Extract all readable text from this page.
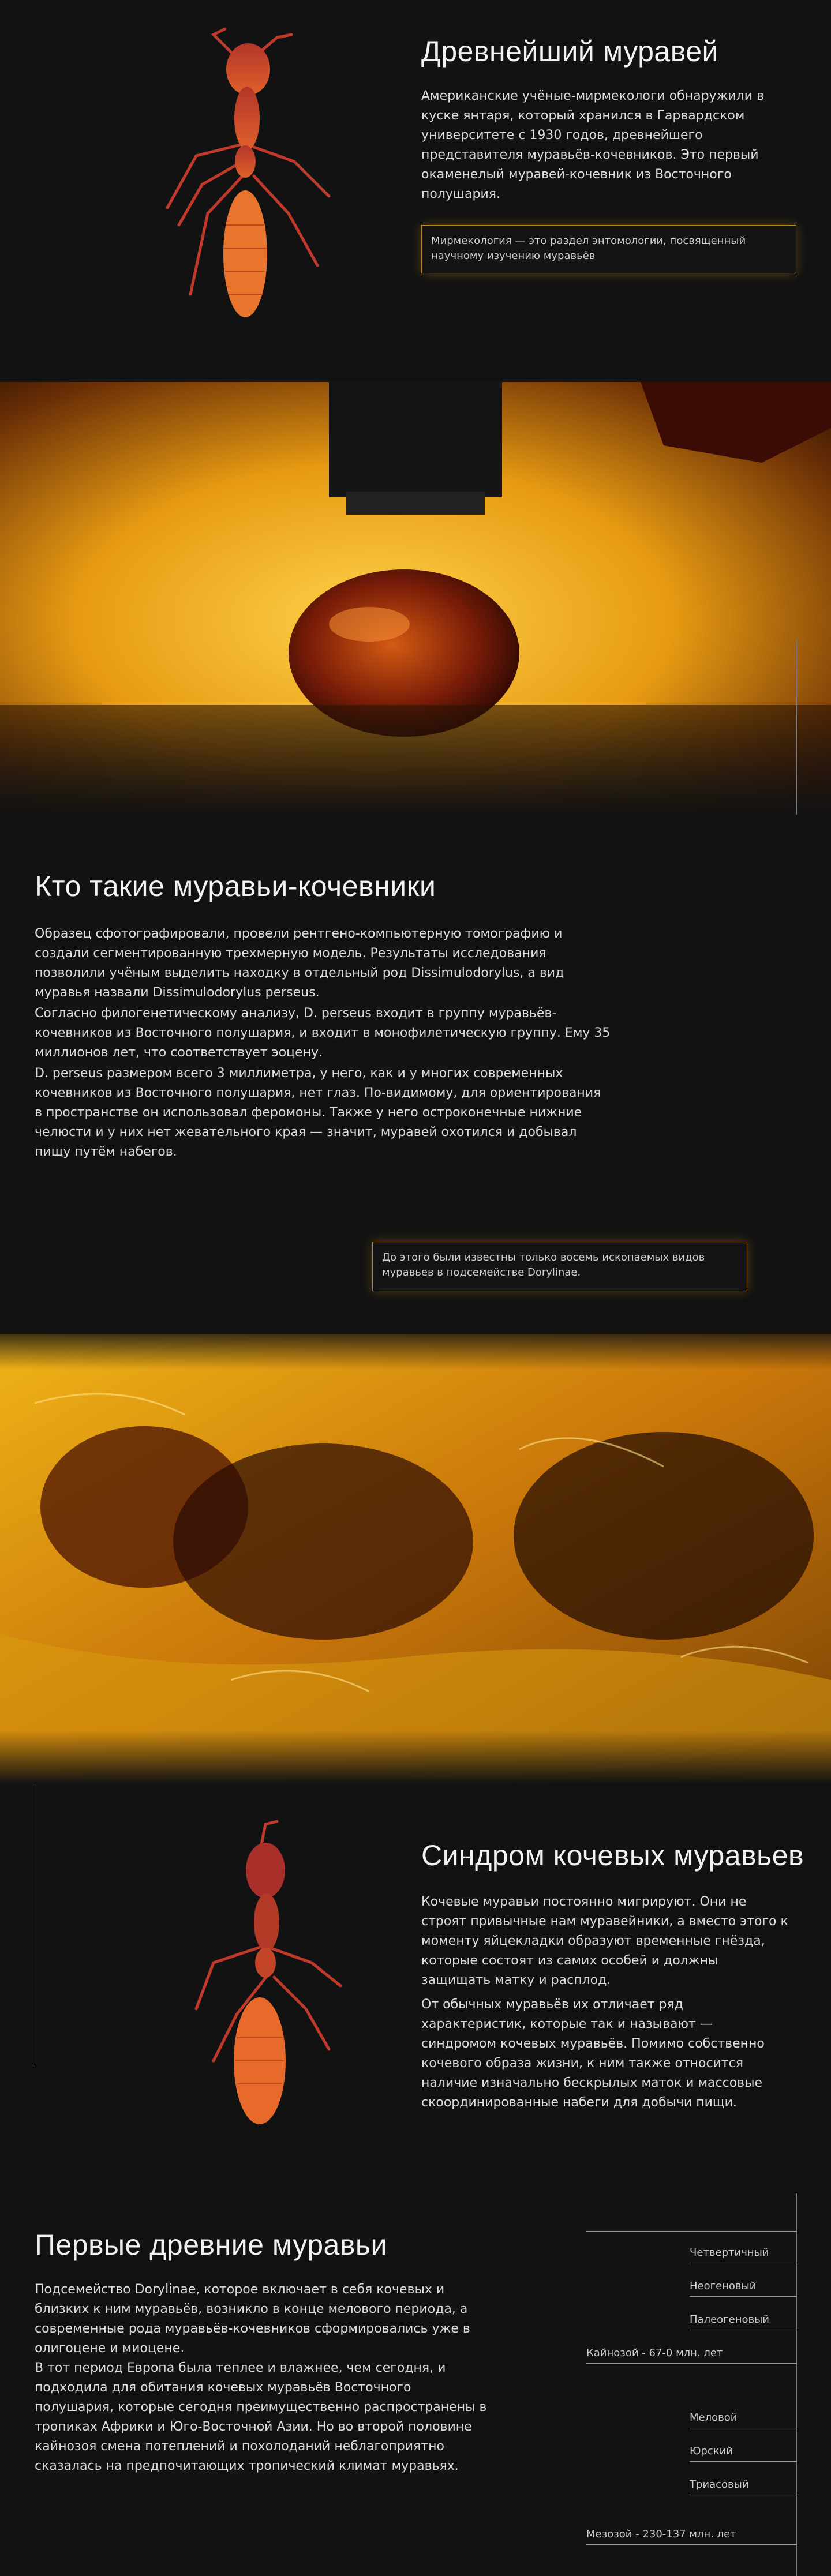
Древнейший муравей

Американские учёные-мирмекологи обнаружили в куске янтаря, который хранился в Гарвардском университете с 1930 годов, древнейшего представителя муравьёв-кочевников. Это первый окаменелый муравей-кочевник из Восточного полушария.

Мирмекология — это раздел энтомологии, посвященный научному изучению муравьёв
Кто такие муравьи-кочевники

Образец сфотографировали, провели рентгено-компьютерную томографию и создали сегментированную трехмерную модель. Результаты исследования позволили учёным выделить находку в отдельный род Dissimulodorylus, а вид муравья назвали Dissimulodorylus perseus.

Согласно филогенетическому анализу, D. perseus входит в группу муравьёв-кочевников из Восточного полушария, и входит в монофилетическую группу. Ему 35 миллионов лет, что соответствует эоцену.

D. perseus размером всего 3 миллиметра, у него, как и у многих современных кочевников из Восточного полушария, нет глаз. По-видимому, для ориентирования в пространстве он использовал феромоны. Также у него остроконечные нижние челюсти и у них нет жевательного края — значит, муравей охотился и добывал пищу путём набегов.

До этого были известны только восемь ископаемых видов муравьев в подсемействе Dorylinae.
Синдром кочевых муравьев

Кочевые муравьи постоянно мигрируют. Они не строят привычные нам муравейники, а вместо этого к моменту яйцекладки образуют временные гнёзда, которые состоят из самих особей и должны защищать матку и расплод.

От обычных муравьёв их отличает ряд характеристик, которые так и называют — синдромом кочевых муравьёв. Помимо собственно кочевого образа жизни, к ним также относится наличие изначально бескрылых маток и массовые скоординированные набеги для добычи пищи.

Первые древние муравьи

Подсемейство Dorylinae, которое включает в себя кочевых и близких к ним муравьёв, возникло в конце мелового периода, а современные рода муравьёв-кочевников сформировались уже в олигоцене и миоцене.

В тот период Европа была теплее и влажнее, чем сегодня, и подходила для обитания кочевых муравьёв Восточного полушария, которые сегодня преимущественно распространены в тропиках Африки и Юго-Восточной Азии. Но во второй половине кайнозоя смена потеплений и похолоданий неблагоприятно сказалась на предпочитающих тропический климат муравьях.

Четвертичный
Неогеновый
Палеогеновый
Кайнозой - 67-0 млн. лет
Меловой
Юрский
Триасовый
Мезозой - 230-137 млн. лет
